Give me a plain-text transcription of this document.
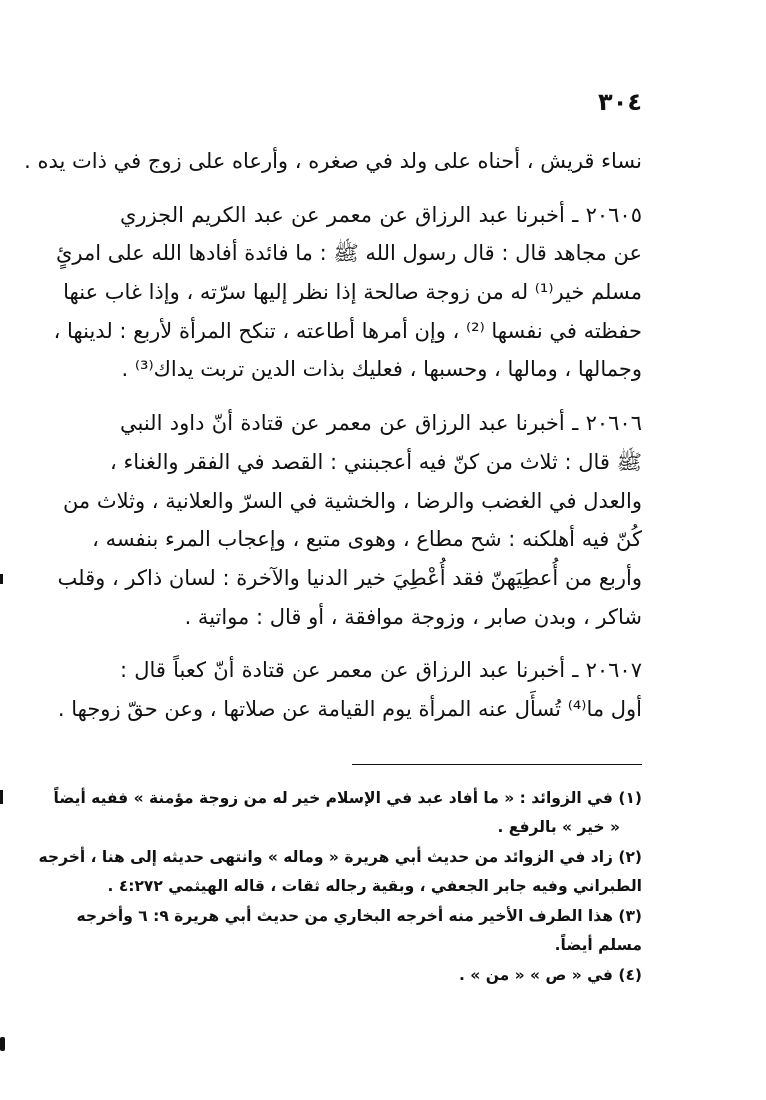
٣٠٤
نساء قريش ، أحناه على ولد في صغره ، وأرعاه على زوج في ذات يده .
٢٠٦٠٥ ـ أخبرنا عبد الرزاق عن معمر عن عبد الكريم الجزري
عن مجاهد قال : قال رسول الله ﷺ : ما فائدة أفادها الله على امرئٍ
مسلم خير⁽¹⁾ له من زوجة صالحة إذا نظر إليها سرّته ، وإذا غاب عنها
حفظته في نفسها ⁽²⁾ ، وإن أمرها أطاعته ، تنكح المرأة لأربع : لدينها ،
وجمالها ، ومالها ، وحسبها ، فعليك بذات الدين تربت يداك⁽³⁾ .
٢٠٦٠٦ ـ أخبرنا عبد الرزاق عن معمر عن قتادة أنّ داود النبي
ﷺ قال : ثلاث من كنّ فيه أعجبنني : القصد في الفقر والغناء ،
والعدل في الغضب والرضا ، والخشية في السرّ والعلانية ، وثلاث من
كُنّ فيه أهلكنه : شح مطاع ، وهوى متبع ، وإعجاب المرء بنفسه ،
وأربع من أُعطِيَهنّ فقد أُعْطِيَ خير الدنيا والآخرة : لسان ذاكر ، وقلب
شاكر ، وبدن صابر ، وزوجة موافقة ، أو قال : مواتية .
٢٠٦٠٧ ـ أخبرنا عبد الرزاق عن معمر عن قتادة أنّ كعباً قال :
أول ما⁽⁴⁾ تُسأَل عنه المرأة يوم القيامة عن صلاتها ، وعن حقّ زوجها .
(١) في الزوائد : « ما أفاد عبد في الإسلام خير له من زوجة مؤمنة » ففيه أيضاً
« خير » بالرفع .
(٢) زاد في الزوائد من حديث أبي هريرة « وماله » وانتهى حديثه إلى هنا ، أخرجه
الطبراني وفيه جابر الجعفي ، وبقية رجاله ثقات ، قاله الهيثمي ٤:٢٧٢ .
(٣) هذا الطرف الأخير منه أخرجه البخاري من حديث أبي هريرة ٩: ٦ وأخرجه
مسلم أيضاً.
(٤) في « ص » « من » .
